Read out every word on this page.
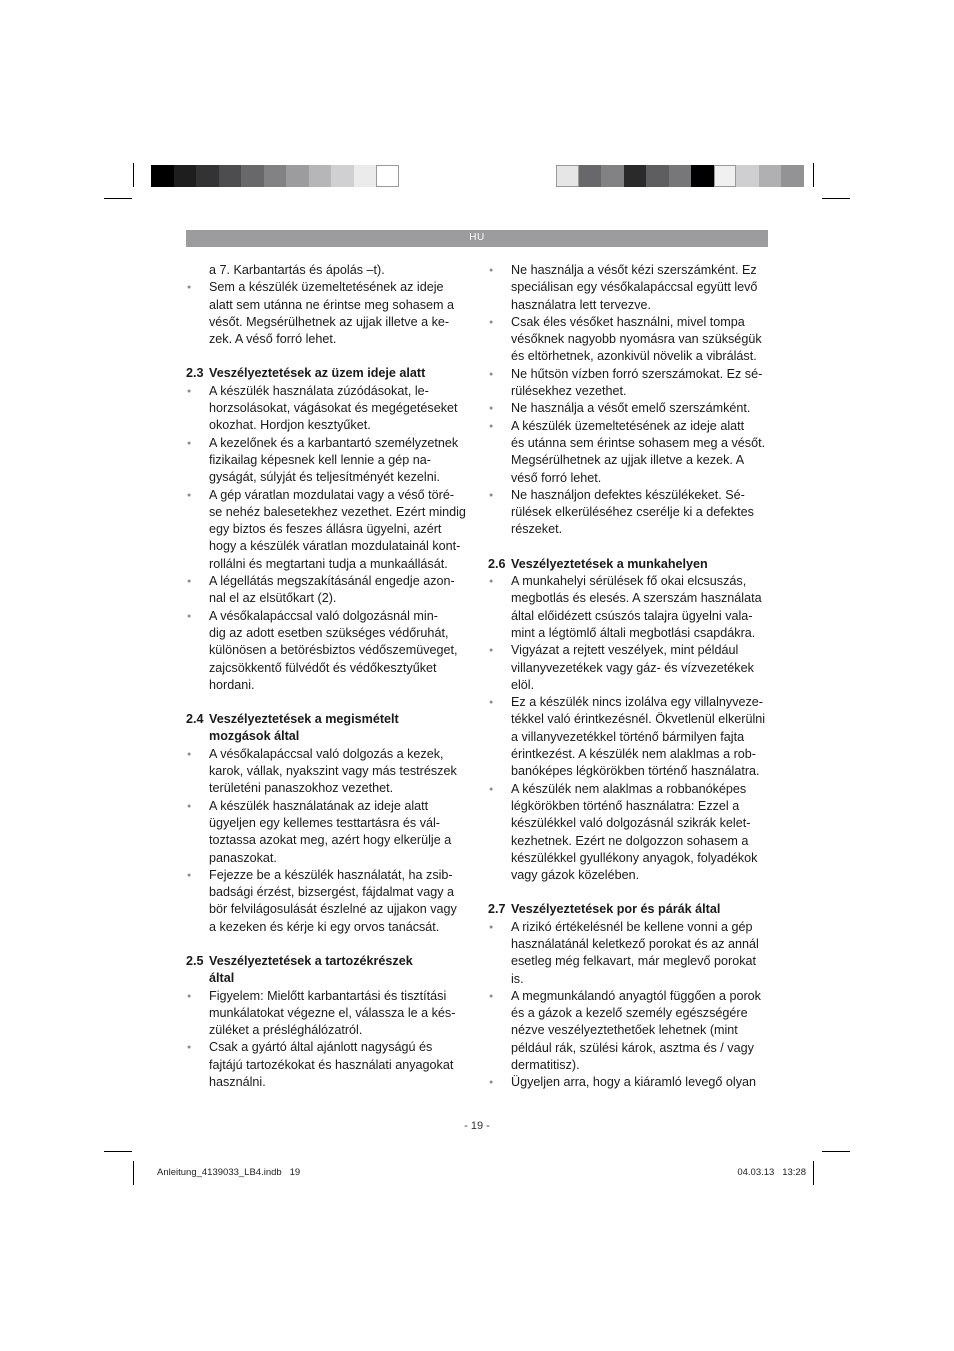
HU

a 7. Karbantartás és ápolás –t).

● Sem a készülék üzemeltetésének az ideje

alatt sem utánna ne érintse meg sohasem a

vésőt. Megsérülhetnek az ujjak illetve a ke-

zek. A véső forró lehet.

2.3 Veszélyeztetések az üzem ideje alatt

● A készülék használata zúzódásokat, le-

horzsolásokat, vágásokat és megégetéseket

okozhat. Hordjon kesztyűket.

● A kezelőnek és a karbantartó személyzetnek

fizikailag képesnek kell lennie a gép na-

gyságát, súlyját és teljesítményét kezelni.

● A gép váratlan mozdulatai vagy a véső töré-

se nehéz balesetekhez vezethet. Ezért mindig

egy biztos és feszes állásra ügyelni, azért

hogy a készülék váratlan mozdulatainál kont-

rollálni és megtartani tudja a munkaállását.

● A légellátás megszakításánál engedje azon-

nal el az elsütőkart (2).

● A vésőkalapáccsal való dolgozásnál min-

dig az adott esetben szükséges védőruhát,

különösen a betörésbiztos védőszemüveget,

zajcsökkentő fülvédőt és védőkesztyűket

hordani.

2.4 Veszélyeztetések a megismételt

mozgások által

● A vésőkalapáccsal való dolgozás a kezek,

karok, vállak, nyakszint vagy más testrészek

területéni panaszokhoz vezethet.

● A készülék használatának az ideje alatt

ügyeljen egy kellemes testtartásra és vál-

toztassa azokat meg, azért hogy elkerülje a

panaszokat.

● Fejezze be a készülék használatát, ha zsib-

badsági érzést, bizsergést, fájdalmat vagy a

bör felvilágosulását észlelné az ujjakon vagy

a kezeken és kérje ki egy orvos tanácsát.

2.5 Veszélyeztetések a tartozékrészek

által

● Figyelem: Mielőtt karbantartási és tisztítási

munkálatokat végezne el, válassza le a kés-

züléket a présléghálózatról.

● Csak a gyártó által ajánlott nagyságú és

fajtájú tartozékokat és használati anyagokat

használni.

● Ne használja a vésőt kézi szerszámként. Ez

speciálisan egy vésőkalapáccsal együtt levő

használatra lett tervezve.

● Csak éles vésőket használni, mivel tompa

vésőknek nagyobb nyomásra van szükségük

és eltörhetnek, azonkivül növelik a vibrálást.

● Ne hűtsön vízben forró szerszámokat. Ez sé-

rülésekhez vezethet.

● Ne használja a vésőt emelő szerszámként.

● A készülék üzemeltetésének az ideje alatt

és utánna sem érintse sohasem meg a vésőt.

Megsérülhetnek az ujjak illetve a kezek. A

véső forró lehet.

● Ne használjon defektes készülékeket. Sé-

rülések elkerüléséhez cserélje ki a defektes

részeket.

2.6 Veszélyeztetések a munkahelyen

● A munkahelyi sérülések fő okai elcsuszás,

megbotlás és elesés. A szerszám használata

által előidézett csúszós talajra ügyelni vala-

mint a légtömlő általi megbotlási csapdákra.

● Vigyázat a rejtett veszélyek, mint például

villanyvezetékek vagy gáz- és vízvezetékek

elöl.

● Ez a készülék nincs izolálva egy villalnyveze-

tékkel való érintkezésnél. Ökvetlenül elkerülni

a villanyvezetékkel történő bármilyen fajta

érintkezést. A készülék nem alaklmas a rob-

banóképes légkörökben történő használatra.

● A készülék nem alaklmas a robbanóképes

légkörökben történő használatra: Ezzel a

készülékkel való dolgozásnál szikrák kelet-

kezhetnek. Ezért ne dolgozzon sohasem a

készülékkel gyullékony anyagok, folyadékok

vagy gázok közelében.

2.7 Veszélyeztetések por és párák által

● A rizikó értékelésnél be kellene vonni a gép

használatánál keletkező porokat és az annál

esetleg még felkavart, már meglevő porokat

is.

● A megmunkálandó anyagtól függően a porok

és a gázok a kezelő személy egészségére

nézve veszélyeztethetőek lehetnek (mint

például rák, szülési károk, asztma és / vagy

dermatitisz).

● Ügyeljen arra, hogy a kiáramló levegő olyan

- 19 -
Anleitung_4139033_LB4.indb   19	04.03.13   13:28
